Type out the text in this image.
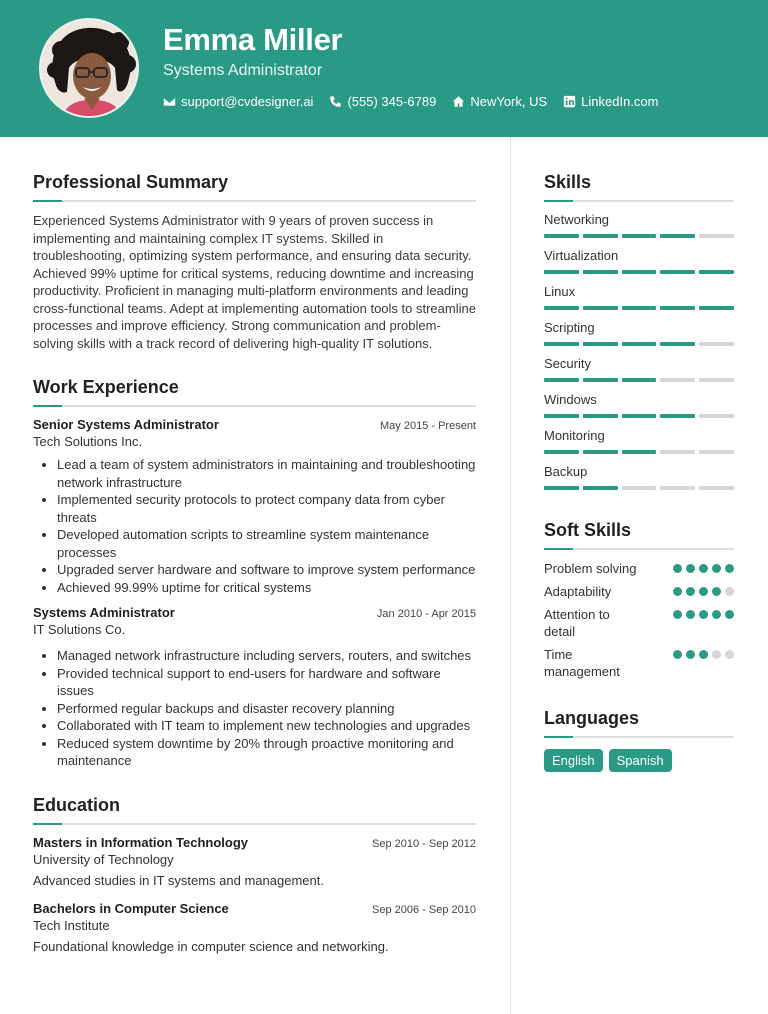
Emma Miller
Systems Administrator
support@cvdesigner.ai	(555) 345-6789	NewYork, US	LinkedIn.com
Professional Summary

Experienced Systems Administrator with 9 years of proven success in implementing and maintaining complex IT systems. Skilled in troubleshooting, optimizing system performance, and ensuring data security. Achieved 99% uptime for critical systems, reducing downtime and increasing productivity. Proficient in managing multi-platform environments and leading cross-functional teams. Adept at implementing automation tools to streamline processes and improve efficiency. Strong communication and problem-solving skills with a track record of delivering high-quality IT solutions.

Work Experience
Senior Systems Administrator	May 2015 - Present
Tech Solutions Inc.
• Lead a team of system administrators in maintaining and troubleshooting network infrastructure
• Implemented security protocols to protect company data from cyber threats
• Developed automation scripts to streamline system maintenance processes
• Upgraded server hardware and software to improve system performance
• Achieved 99.99% uptime for critical systems
Systems Administrator	Jan 2010 - Apr 2015
IT Solutions Co.
• Managed network infrastructure including servers, routers, and switches
• Provided technical support to end-users for hardware and software issues
• Performed regular backups and disaster recovery planning
• Collaborated with IT team to implement new technologies and upgrades
• Reduced system downtime by 20% through proactive monitoring and maintenance
Education
Masters in Information Technology	Sep 2010 - Sep 2012
University of Technology
Advanced studies in IT systems and management.
Bachelors in Computer Science	Sep 2006 - Sep 2010
Tech Institute
Foundational knowledge in computer science and networking.
Skills
Networking
Virtualization
Linux
Scripting
Security
Windows
Monitoring
Backup
Soft Skills
Problem solving
Adaptability
Attention to detail
Time management
Languages
English	Spanish
